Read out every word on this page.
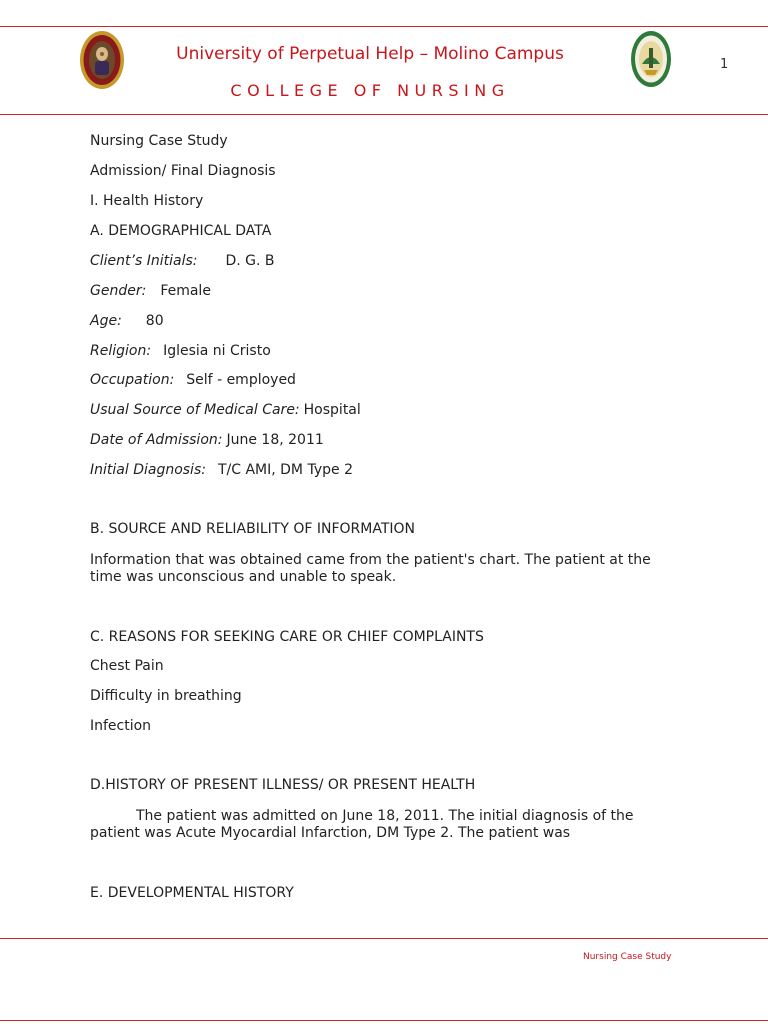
University of Perpetual Help – Molino Campus
COLLEGE OF NURSING
1
Nursing Case Study
Admission/ Final Diagnosis
I. Health History
A. DEMOGRAPHICAL DATA
Client’s Initials: D. G. B
Gender: Female
Age: 80
Religion: Iglesia ni Cristo
Occupation: Self - employed
Usual Source of Medical Care: Hospital
Date of Admission: June 18, 2011
Initial Diagnosis: T/C AMI, DM Type 2
B. SOURCE AND RELIABILITY OF INFORMATION
Information that was obtained came from the patient's chart. The patient at the time was unconscious and unable to speak.
C. REASONS FOR SEEKING CARE OR CHIEF COMPLAINTS
Chest Pain
Difficulty in breathing
Infection
D.HISTORY OF PRESENT ILLNESS/ OR PRESENT HEALTH
The patient was admitted on June 18, 2011. The initial diagnosis of the patient was Acute Myocardial Infarction, DM Type 2. The patient was
E. DEVELOPMENTAL HISTORY
Nursing Case Study
